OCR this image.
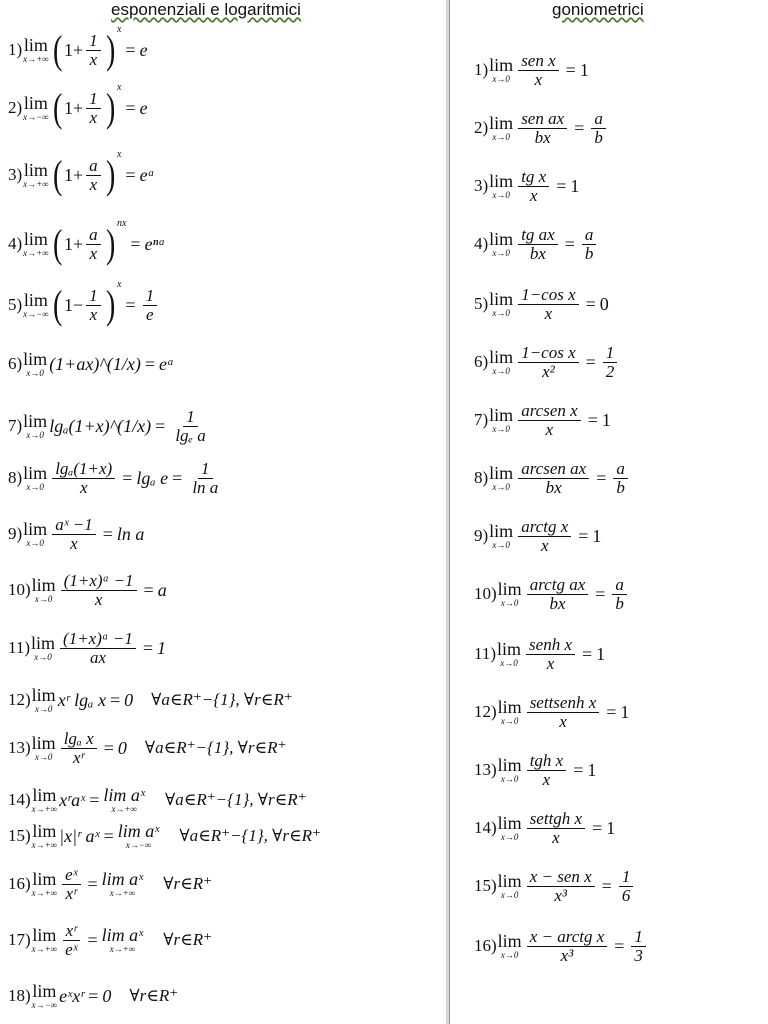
esponenziali e logaritmici	goniometrici
1) lim
x→+∞ ( $1+ \frac{1}{x}$ ) x
= e
2) lim
x→−∞ ( $1+ \frac{1}{x}$ ) x
= e
3) lim
x→+∞ ( $1+ \frac{a}{x}$ ) x
= eᵃ
4) lim
x→+∞ ( $1+ \frac{a}{x}$ ) nx
= eⁿᵃ
5) lim
x→−∞ ( $1- \frac{1}{x}$ ) x
= $\frac{1}{e}$
6) lim
x→0 (1+ax)^(1/x) = eᵃ
7) lim
x→0 lgₐ(1+x)^(1/x) = $\frac{1}{\text{lgₑ a}}$
8) lim
$x\to 0 \frac{\text{lgₐ(1+x)}}{x} = \lg_a$ $e = \frac{1}{\text{ln a}}$
9) lim
$x\to 0 \frac{\text{aˣ −1}}{x} = \ln a$
10) lim
$x\to 0 \frac{\text{(1+x)ᵃ −1}}{x} = a$
11) lim
$x\to 0 \frac{\text{(1+x)ᵃ −1}}{ax} = 1$
12) lim
x→0 xʳ lgₐ x = 0 ∀a∈R⁺−{1}, ∀r∈R⁺
13) lim
$x\to 0 \frac{\text{lgₐ x}}{\text{xʳ}} = 0$ ∀a∈R⁺−{1}, ∀r∈R⁺
14) lim
x→+∞ xʳaˣ = lim aˣ
x→+∞ ∀a∈R⁺−{1}, ∀r∈R⁺
15) lim
x→+∞ |x|ʳ aˣ = lim aˣ
x→−∞ ∀a∈R⁺−{1}, ∀r∈R⁺
16) lim
$x\to+\infty \frac{\text{eˣ}}{\text{xʳ}} = \lim$ aˣ
x→+∞ ∀r∈R⁺
17) lim
$x\to+\infty \frac{\text{xʳ}}{\text{eˣ}} = \lim$ aˣ
x→+∞ ∀r∈R⁺
18) lim
x→−∞ eˣxʳ = 0 ∀r∈R⁺
1) lim
$x\to 0 \frac{\text{sen x}}{x} = 1$
2) lim
$x\to 0 \frac{\text{sen ax}}{bx} = \frac{a}{b}$
3) lim
$x\to 0 \frac{\text{tg x}}{x} = 1$
4) lim
$x\to 0 \frac{\text{tg ax}}{bx} = \frac{a}{b}$
5) lim
$x\to 0 \frac{\text{1−cos x}}{x} = 0$
6) lim
$x\to 0 \frac{\text{1−cos x}}{\text{x²}} = \frac{1}{2}$
7) lim
$x\to 0 \frac{\text{arcsen x}}{x} = 1$
8) lim
$x\to 0 \frac{\text{arcsen ax}}{bx} = \frac{a}{b}$
9) lim
$x\to 0 \frac{\text{arctg x}}{x} = 1$
10) lim
$x\to 0 \frac{\text{arctg ax}}{bx} = \frac{a}{b}$
11) lim
$x\to 0 \frac{\text{senh x}}{x} = 1$
12) lim
$x\to 0 \frac{\text{settsenh x}}{x} = 1$
13) lim
$x\to 0 \frac{\text{tgh x}}{x} = 1$
14) lim
$x\to 0 \frac{\text{settgh x}}{x} = 1$
15) lim
$x\to 0 \frac{\text{x − sen x}}{\text{x³}} = \frac{1}{6}$
16) lim
$x\to 0 \frac{\text{x − arctg x}}{\text{x³}} = \frac{1}{3}$
